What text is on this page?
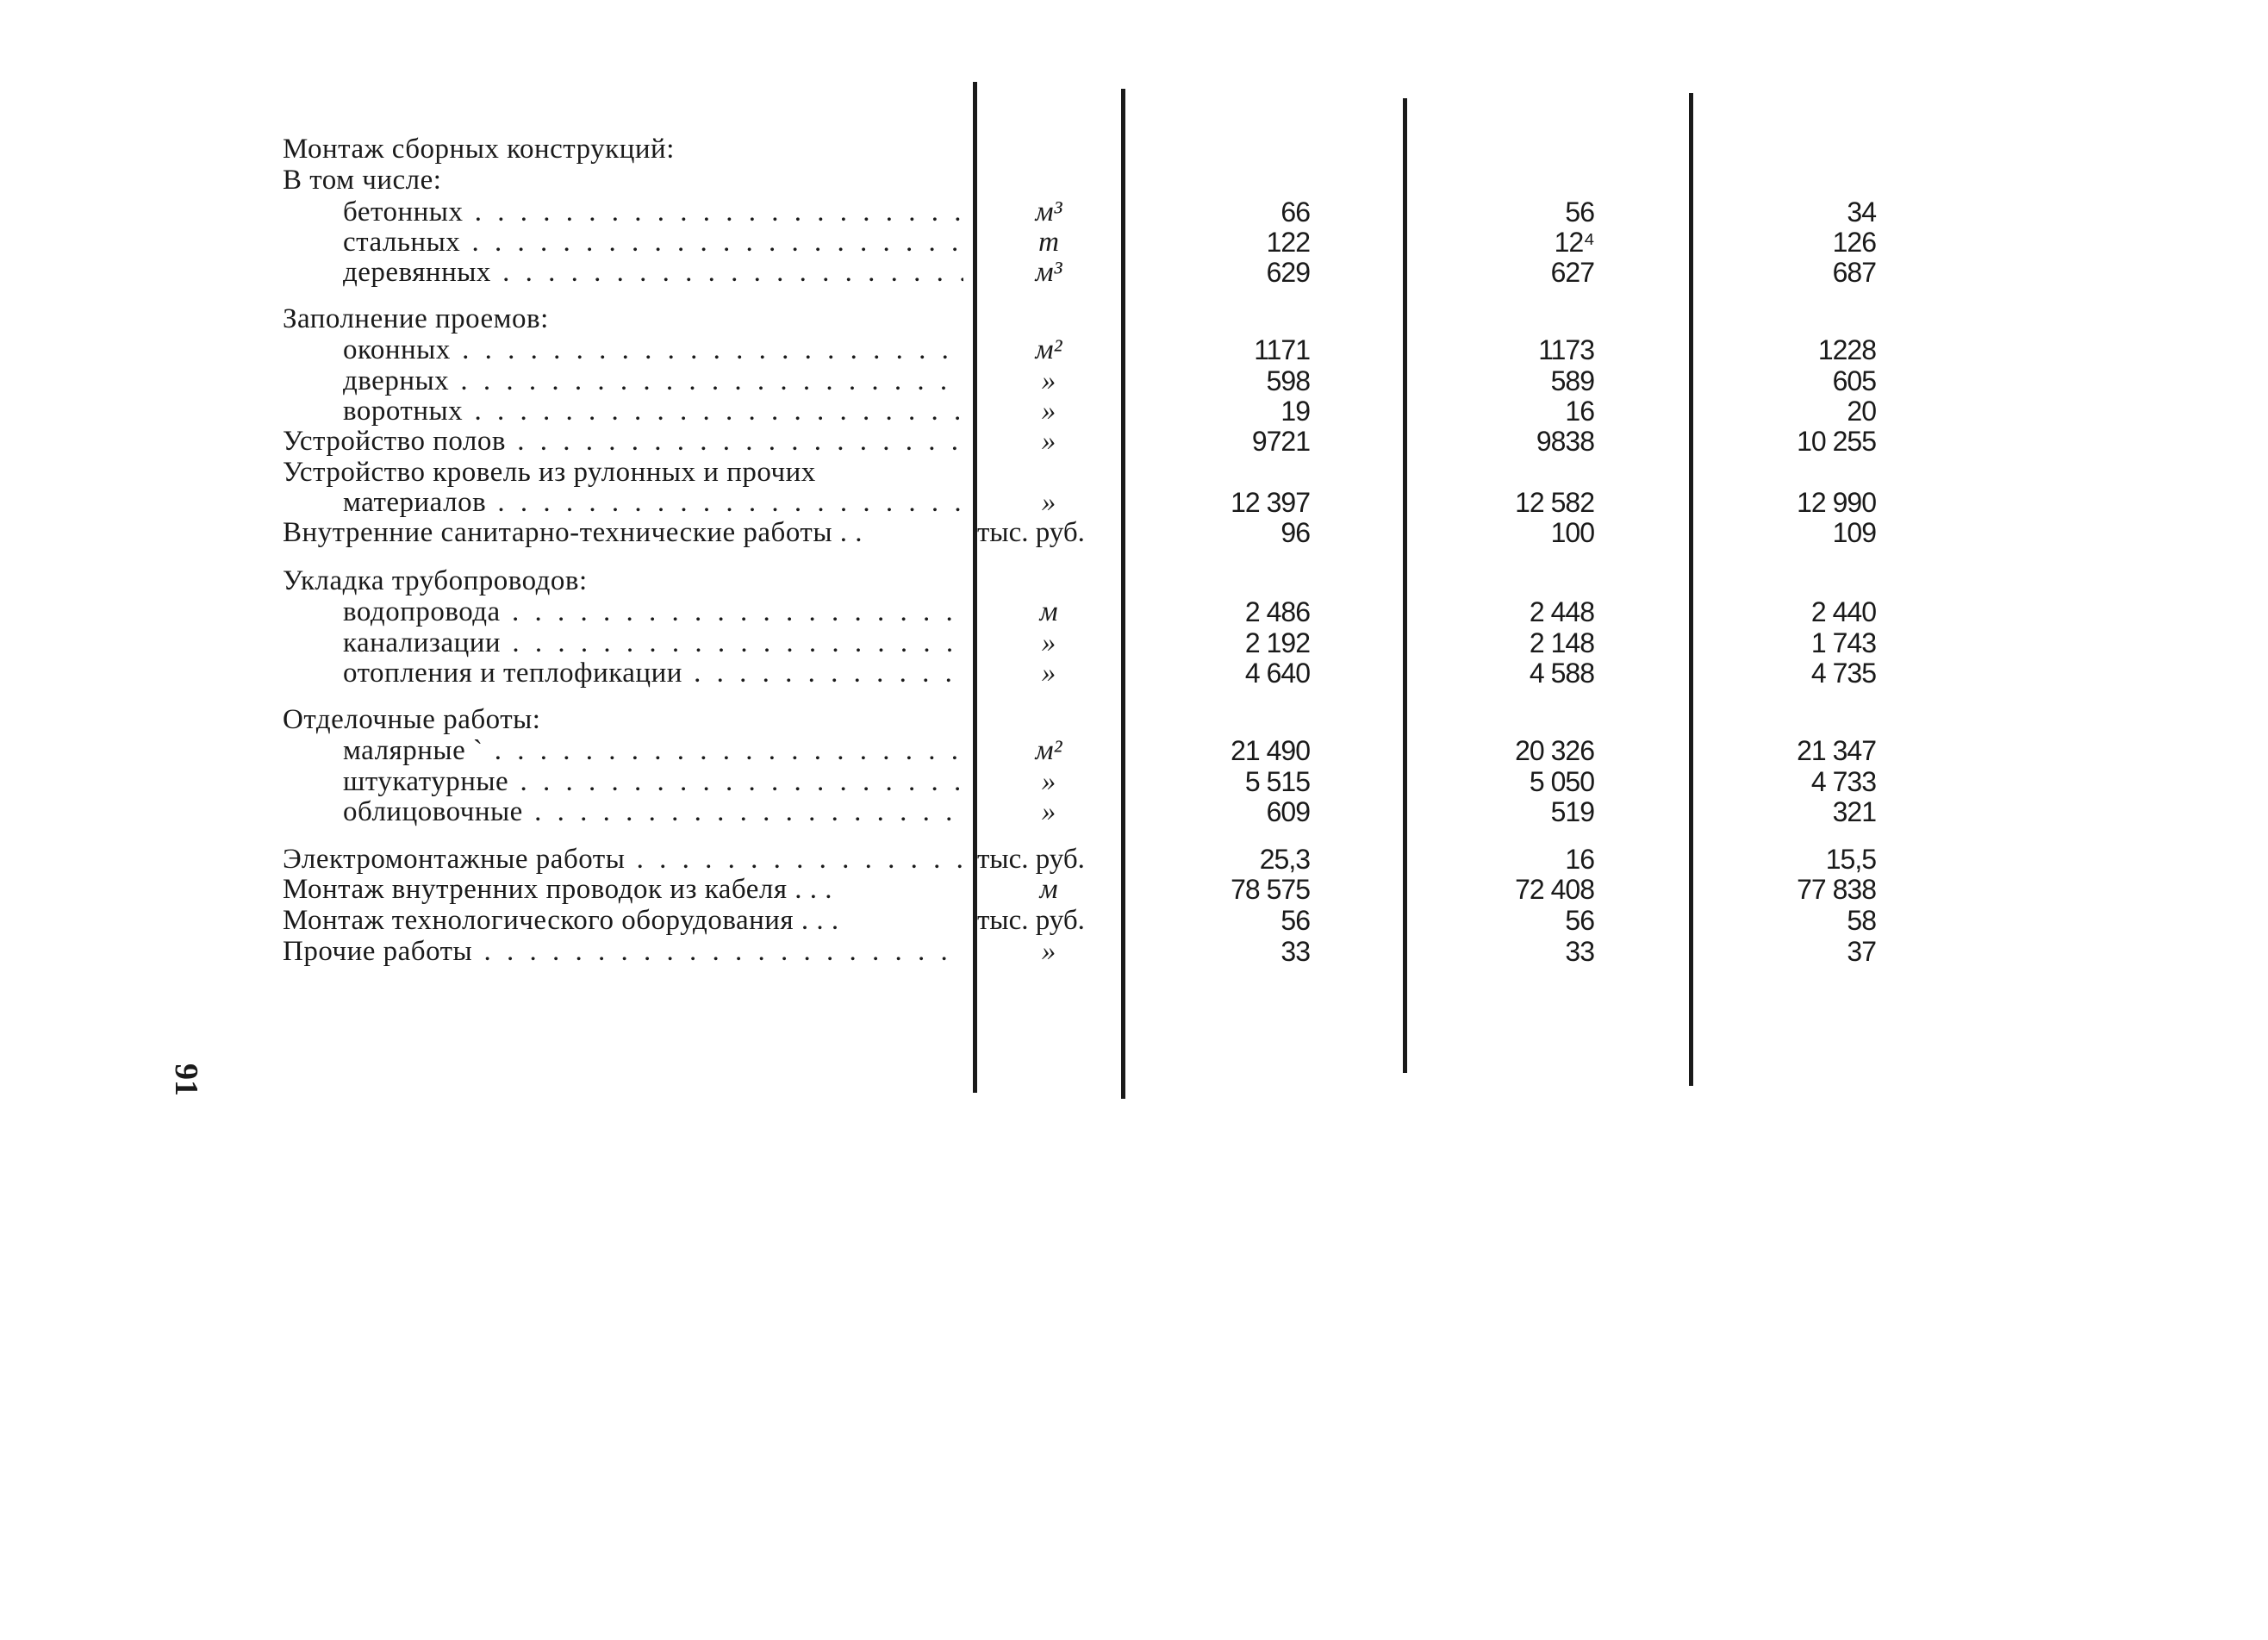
Монтаж сборных конструкций:
В том числе:
бетонных . . .	м³	66	56	34
стальных . . .	т	122	12⁴	126
деревянных . . .	м³	629	627	687
Заполнение проемов:
оконных . . .	м²	1171	1173	1228
дверных . . .	»	598	589	605
воротных . . .	»	19	16	20
Устройство полов . . .	»	9721	9838	10 255
Устройство кровель из рулонных и прочих
материалов . . .	»	12 397	12 582	12 990
Внутренние санитарно-технические работы . .	тыс. руб.	96	100	109
Укладка трубопроводов:
водопровода . . .	м	2 486	2 448	2 440
канализации . . .	»	2 192	2 148	1 743
отопления и теплофикации . . .	»	4 640	4 588	4 735
Отделочные работы:
малярные ` . . .	м²	21 490	20 326	21 347
штукатурные . . .	»	5 515	5 050	4 733
облицовочные . . .	»	609	519	321
Электромонтажные работы . . .	тыс. руб.	25,3	16	15,5
Монтаж внутренних проводок из кабеля . . .	м	78 575	72 408	77 838
Монтаж технологического оборудования . . .	тыс. руб.	56	56	58
Прочие работы . . .	»	33	33	37
91
